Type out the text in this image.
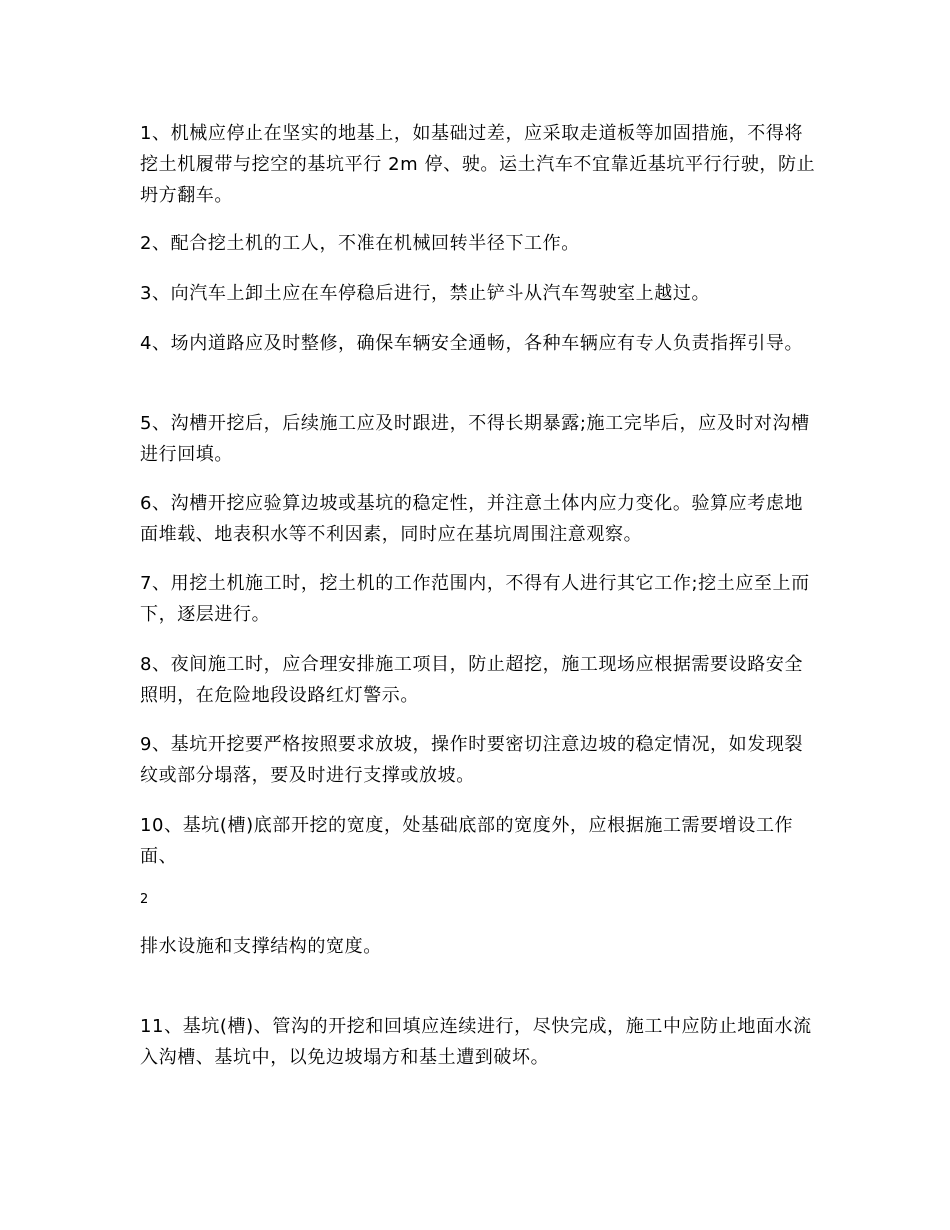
1、机械应停止在坚实的地基上，如基础过差，应采取走道板等加固措施，不得将挖土机履带与挖空的基坑平行 2m 停、驶。运土汽车不宜靠近基坑平行行驶，防止坍方翻车。

2、配合挖土机的工人，不准在机械回转半径下工作。

3、向汽车上卸土应在车停稳后进行，禁止铲斗从汽车驾驶室上越过。

4、场内道路应及时整修，确保车辆安全通畅，各种车辆应有专人负责指挥引导。

5、沟槽开挖后，后续施工应及时跟进，不得长期暴露;施工完毕后，应及时对沟槽进行回填。

6、沟槽开挖应验算边坡或基坑的稳定性，并注意土体内应力变化。验算应考虑地面堆载、地表积水等不利因素，同时应在基坑周围注意观察。

7、用挖土机施工时，挖土机的工作范围内，不得有人进行其它工作;挖土应至上而下，逐层进行。

8、夜间施工时，应合理安排施工项目，防止超挖，施工现场应根据需要设路安全照明，在危险地段设路红灯警示。

9、基坑开挖要严格按照要求放坡，操作时要密切注意边坡的稳定情况，如发现裂纹或部分塌落，要及时进行支撑或放坡。

10、基坑(槽)底部开挖的宽度，处基础底部的宽度外，应根据施工需要增设工作面、

2

排水设施和支撑结构的宽度。

11、基坑(槽)、管沟的开挖和回填应连续进行，尽快完成，施工中应防止地面水流入沟槽、基坑中，以免边坡塌方和基土遭到破坏。
